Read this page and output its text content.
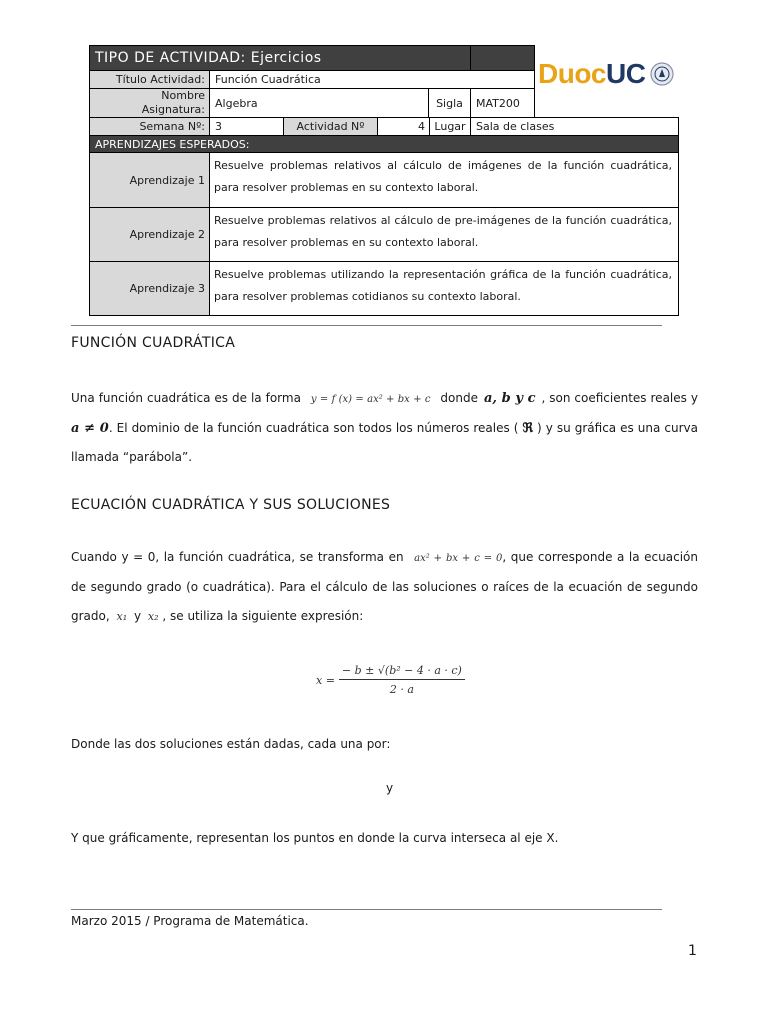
TIPO DE ACTIVIDAD: Ejercicios
Título Actividad: Función Cuadrática
Nombre
Asignatura: Algebra	Sigla	MAT200
Semana Nº: 3	Actividad Nº	4 Lugar Sala de clases
APRENDIZAJES ESPERADOS:
Aprendizaje 1
Resuelve problemas relativos al cálculo de imágenes de la función cuadrática, para resolver problemas en su contexto laboral.
Aprendizaje 2
Resuelve problemas relativos al cálculo de pre-imágenes de la función cuadrática, para resolver problemas en su contexto laboral.
Aprendizaje 3
Resuelve problemas utilizando la representación gráfica de la función cuadrática, para resolver problemas cotidianos su contexto laboral.
DuocUC
FUNCIÓN CUADRÁTICA
Una función cuadrática es de la forma y = f (x) = ax² + bx + c donde a, b y c , son coeficientes reales y a ≠ 0. El dominio de la función cuadrática son todos los números reales ( ℜ ) y su gráfica es una curva llamada “parábola”.
ECUACIÓN CUADRÁTICA Y SUS SOLUCIONES
Cuando y = 0, la función cuadrática, se transforma en ax² + bx + c = 0, que corresponde a la ecuación de segundo grado (o cuadrática). Para el cálculo de las soluciones o raíces de la ecuación de segundo grado, x₁ y x₂ , se utiliza la siguiente expresión:
$x = \frac{\text{− b ± √(b² − 4 · a · c)}}{2 \cdot a}$
Donde las dos soluciones están dadas, cada una por:
y
Y que gráficamente, representan los puntos en donde la curva interseca al eje X.
Marzo 2015 / Programa de Matemática.
1
